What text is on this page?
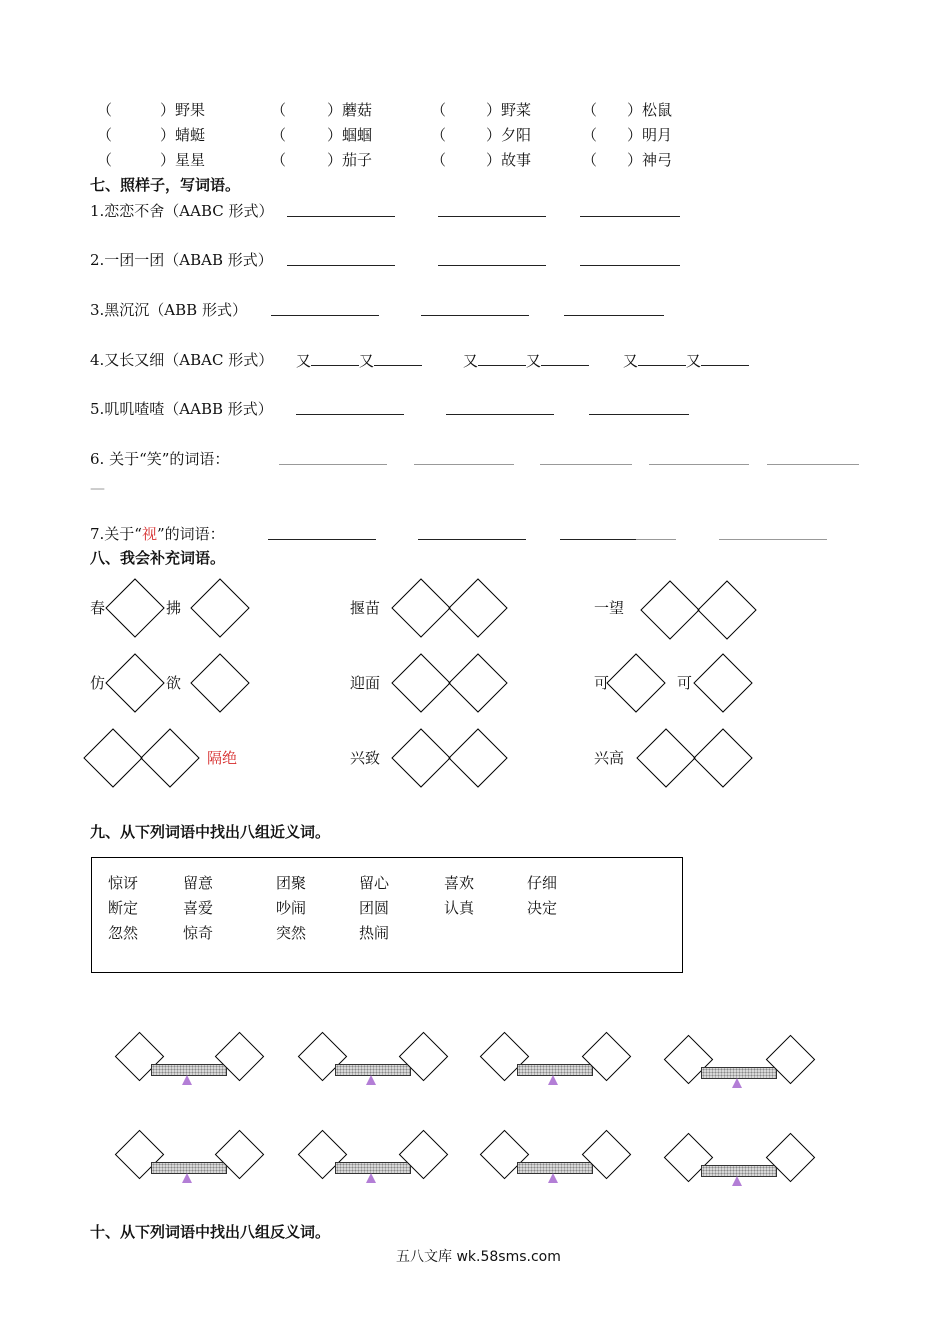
（	）野果	（	）蘑菇	（	）野菜	（ ）松鼠
（	）蜻蜓	（	）蝈蝈	（	）夕阳	（ ）明月
（	）星星	（	）茄子	（	）故事	（ ）神弓
七、照样子，写词语。
1.恋恋不舍（AABC 形式）
2.一团一团（ABAB 形式）
3.黑沉沉（ABB 形式）
4.又长又细（ABAC 形式） 又	又	又	又	又	又
5.叽叽喳喳（AABB 形式）
6. 关于“笑”的词语：
—
7.关于“视”的词语：
八、我会补充词语。
春	拂	揠苗	一望
仿	欲	迎面	可	可
隔绝	兴致	兴高
九、从下列词语中找出八组近义词。
惊讶	留意	团聚	留心	喜欢	仔细
断定	喜爱	吵闹	团圆	认真	决定
忽然	惊奇	突然	热闹
十、从下列词语中找出八组反义词。
五八文库 wk.58sms.com
